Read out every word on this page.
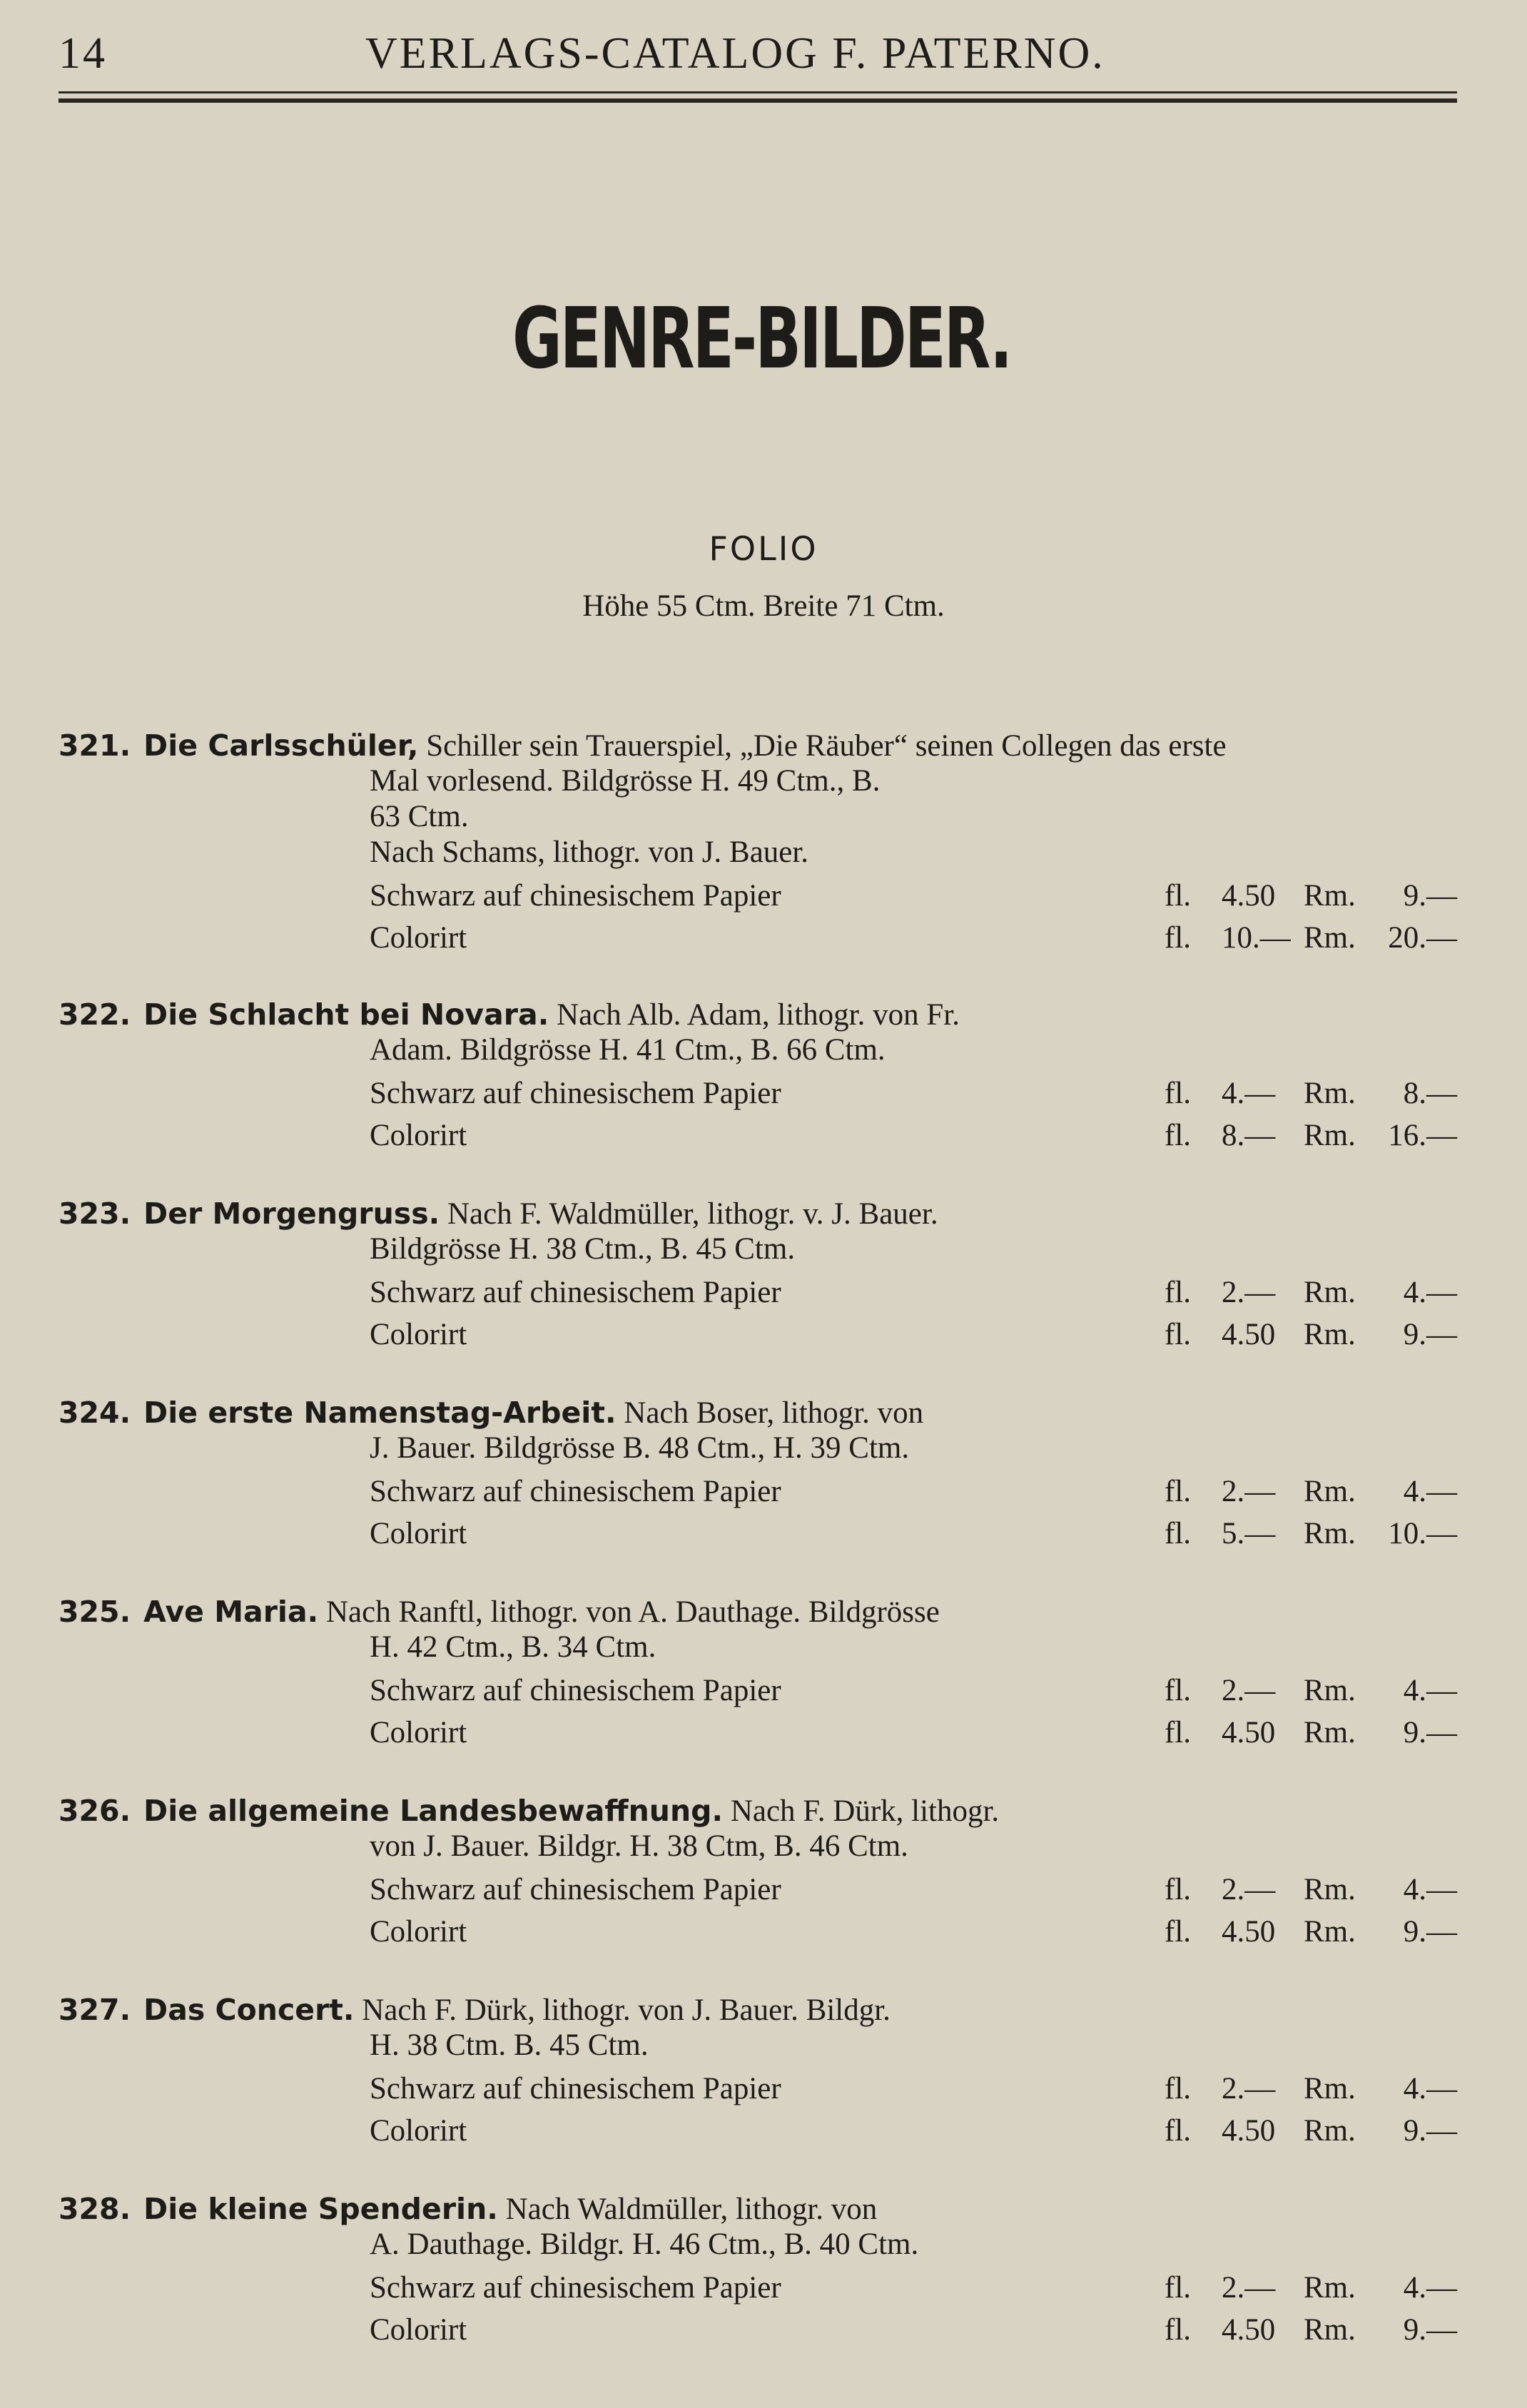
14	VERLAGS-CATALOG F. PATERNO.
GENRE-BILDER.
FOLIO
Höhe 55 Ctm. Breite 71 Ctm.
321. Die Carlsschüler, Schiller sein Trauerspiel, „Die Räuber“ seinen Collegen das erste
Mal vorlesend. Bildgrösse H. 49 Ctm., B.
63 Ctm.
Nach Schams, lithogr. von J. Bauer.
Schwarz auf chinesischem Papier	fl. 4.50 Rm.	9.—
Colorirt	fl. 10.— Rm.	20.—
322. Die Schlacht bei Novara. Nach Alb. Adam, lithogr. von Fr.
Adam. Bildgrösse H. 41 Ctm., B. 66 Ctm.
Schwarz auf chinesischem Papier	fl. 4.— Rm.	8.—
Colorirt	fl. 8.— Rm.	16.—
323. Der Morgengruss. Nach F. Waldmüller, lithogr. v. J. Bauer.
Bildgrösse H. 38 Ctm., B. 45 Ctm.
Schwarz auf chinesischem Papier	fl. 2.— Rm.	4.—
Colorirt	fl. 4.50 Rm.	9.—
324. Die erste Namenstag-Arbeit. Nach Boser, lithogr. von
J. Bauer. Bildgrösse B. 48 Ctm., H. 39 Ctm.
Schwarz auf chinesischem Papier	fl. 2.— Rm.	4.—
Colorirt	fl. 5.— Rm.	10.—
325. Ave Maria. Nach Ranftl, lithogr. von A. Dauthage. Bildgrösse
H. 42 Ctm., B. 34 Ctm.
Schwarz auf chinesischem Papier	fl. 2.— Rm.	4.—
Colorirt	fl. 4.50 Rm.	9.—
326. Die allgemeine Landesbewaffnung. Nach F. Dürk, lithogr.
von J. Bauer. Bildgr. H. 38 Ctm, B. 46 Ctm.
Schwarz auf chinesischem Papier	fl. 2.— Rm.	4.—
Colorirt	fl. 4.50 Rm.	9.—
327. Das Concert. Nach F. Dürk, lithogr. von J. Bauer. Bildgr.
H. 38 Ctm. B. 45 Ctm.
Schwarz auf chinesischem Papier	fl. 2.— Rm.	4.—
Colorirt	fl. 4.50 Rm.	9.—
328. Die kleine Spenderin. Nach Waldmüller, lithogr. von
A. Dauthage. Bildgr. H. 46 Ctm., B. 40 Ctm.
Schwarz auf chinesischem Papier	fl. 2.— Rm.	4.—
Colorirt	fl. 4.50 Rm.	9.—
